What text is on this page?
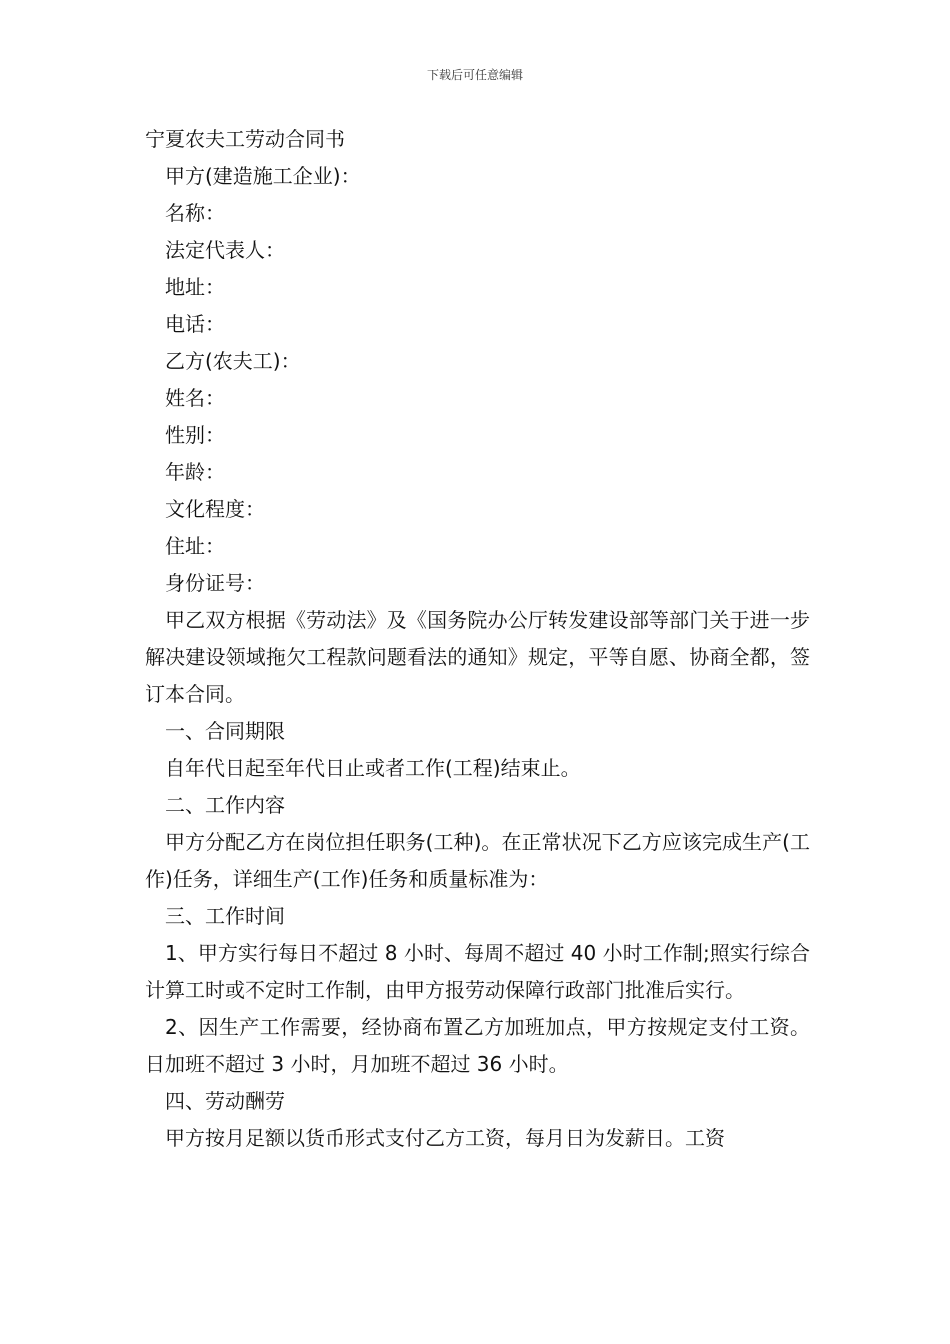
下载后可任意编辑
宁夏农夫工劳动合同书

甲方(建造施工企业)：

名称：

法定代表人：

地址：

电话：

乙方(农夫工)：

姓名：

性别：

年龄：

文化程度：

住址：

身份证号：

甲乙双方根据《劳动法》及《国务院办公厅转发建设部等部门关于进一步解决建设领域拖欠工程款问题看法的通知》规定，平等自愿、协商全都，签订本合同。

一、合同期限

自年代日起至年代日止或者工作(工程)结束止。

二、工作内容

甲方分配乙方在岗位担任职务(工种)。在正常状况下乙方应该完成生产(工作)任务，详细生产(工作)任务和质量标准为：

三、工作时间

1、甲方实行每日不超过 8 小时、每周不超过 40 小时工作制;照实行综合计算工时或不定时工作制，由甲方报劳动保障行政部门批准后实行。

2、因生产工作需要，经协商布置乙方加班加点，甲方按规定支付工资。日加班不超过 3 小时，月加班不超过 36 小时。

四、劳动酬劳

甲方按月足额以货币形式支付乙方工资，每月日为发薪日。工资
